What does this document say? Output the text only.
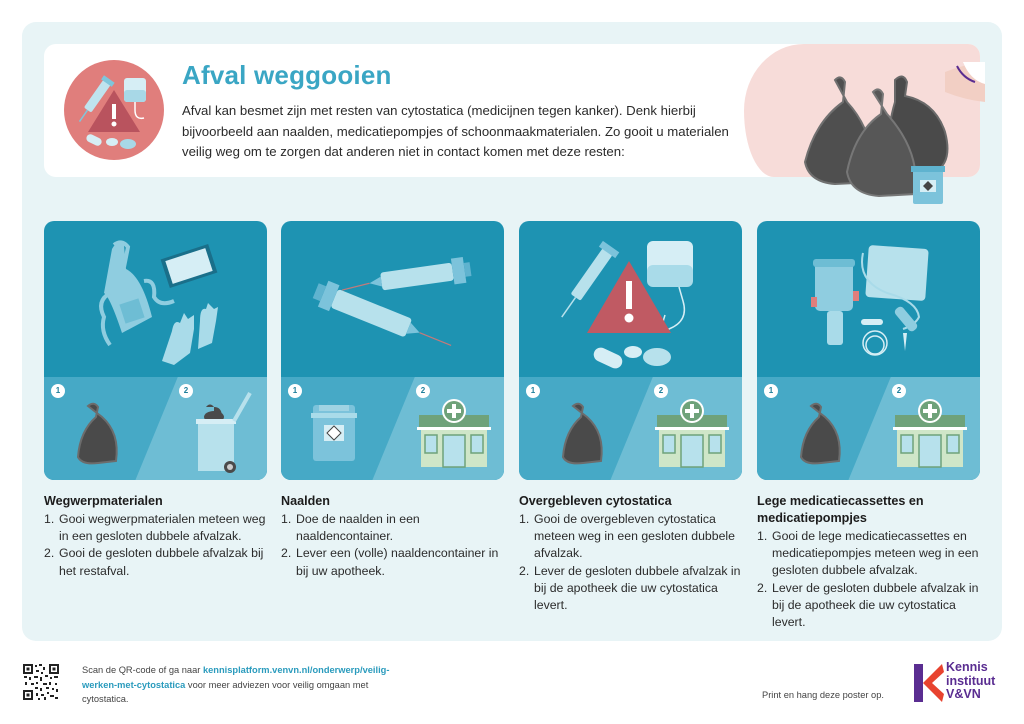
Afval weggooien
Afval kan besmet zijn met resten van cytostatica (medicijnen tegen kanker). Denk hierbij bijvoorbeeld aan naalden, medicatiepompjes of schoonmaakmaterialen. Zo gooit u materialen veilig weg om te zorgen dat anderen niet in contact komen met deze resten:
1	2	1	2	1	2	1	2
Wegwerpmaterialen
1. Gooi wegwerpmaterialen meteen weg in een gesloten dubbele afvalzak.
2. Gooi de gesloten dubbele afvalzak bij het restafval.
Naalden
1. Doe de naalden in een naaldencontainer.
2. Lever een (volle) naaldencontainer in bij uw apotheek.
Overgebleven cytostatica
1. Gooi de overgebleven cytostatica meteen weg in een gesloten dubbele afvalzak.
2. Lever de gesloten dubbele afvalzak in bij de apotheek die uw cytostatica levert.
Lege medicatiecassettes en medicatiepompjes
1. Gooi de lege medicatiecassettes en medicatiepompjes meteen weg in een gesloten dubbele afvalzak.
2. Lever de gesloten dubbele afvalzak in bij de apotheek die uw cytostatica levert.
Scan de QR-code of ga naar kennisplatform.venvn.nl/onderwerp/veilig-werken-met-cytostatica voor meer adviezen voor veilig omgaan met cytostatica.	Print en hang deze poster op.
Kennis
instituut
V&VN
